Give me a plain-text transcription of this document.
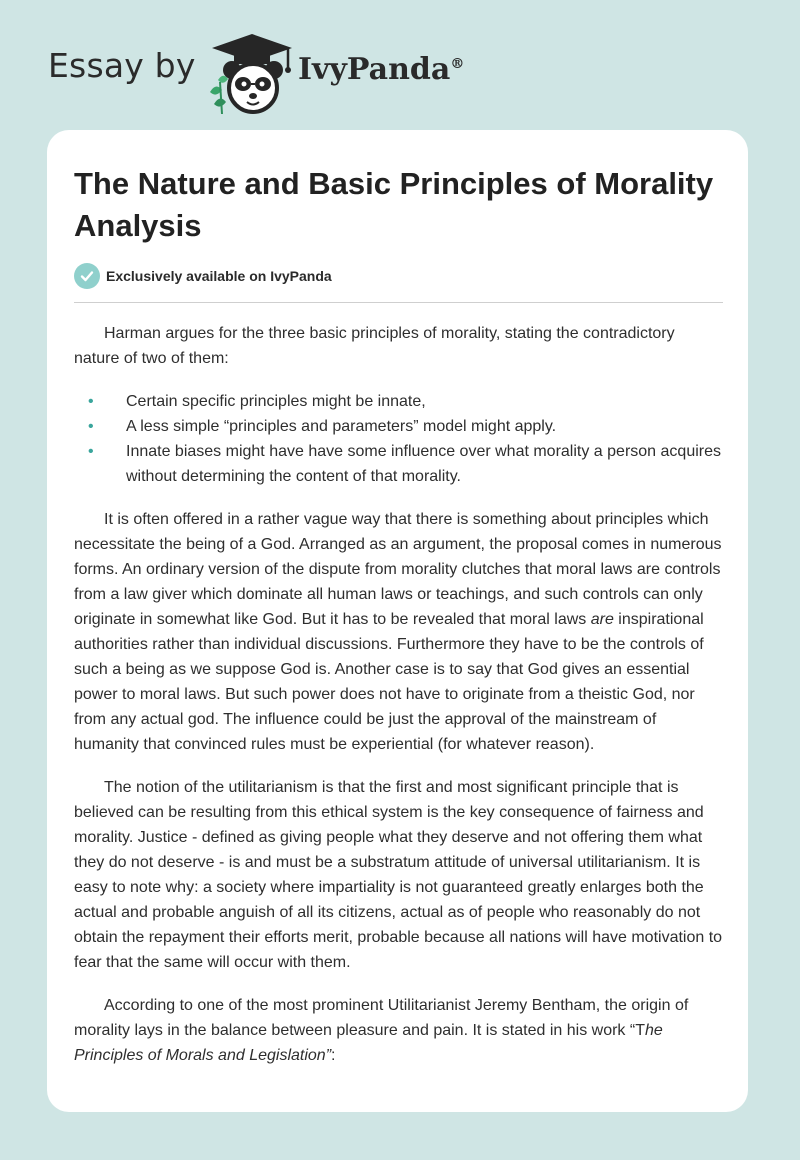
Essay by	IvyPanda®
The Nature and Basic Principles of Morality Analysis
Exclusively available on IvyPanda

Harman argues for the three basic principles of morality, stating the contradictory nature of two of them:

• Certain specific principles might be innate,
• A less simple “principles and parameters” model might apply.
• Innate biases might have have some influence over what morality a person acquires without determining the content of that morality.

It is often offered in a rather vague way that there is something about principles which necessitate the being of a God. Arranged as an argument, the proposal comes in numerous forms. An ordinary version of the dispute from morality clutches that moral laws are controls from a law giver which dominate all human laws or teachings, and such controls can only originate in somewhat like God. But it has to be revealed that moral laws are inspirational authorities rather than individual discussions. Furthermore they have to be the controls of such a being as we suppose God is. Another case is to say that God gives an essential power to moral laws. But such power does not have to originate from a theistic God, nor from any actual god. The influence could be just the approval of the mainstream of humanity that convinced rules must be experiential (for whatever reason).

The notion of the utilitarianism is that the first and most significant principle that is believed can be resulting from this ethical system is the key consequence of fairness and morality. Justice - defined as giving people what they deserve and not offering them what they do not deserve - is and must be a substratum attitude of universal utilitarianism. It is easy to note why: a society where impartiality is not guaranteed greatly enlarges both the actual and probable anguish of all its citizens, actual as of people who reasonably do not obtain the repayment their efforts merit, probable because all nations will have motivation to fear that the same will occur with them.

According to one of the most prominent Utilitarianist Jeremy Bentham, the origin of morality lays in the balance between pleasure and pain. It is stated in his work “The Principles of Morals and Legislation”:
